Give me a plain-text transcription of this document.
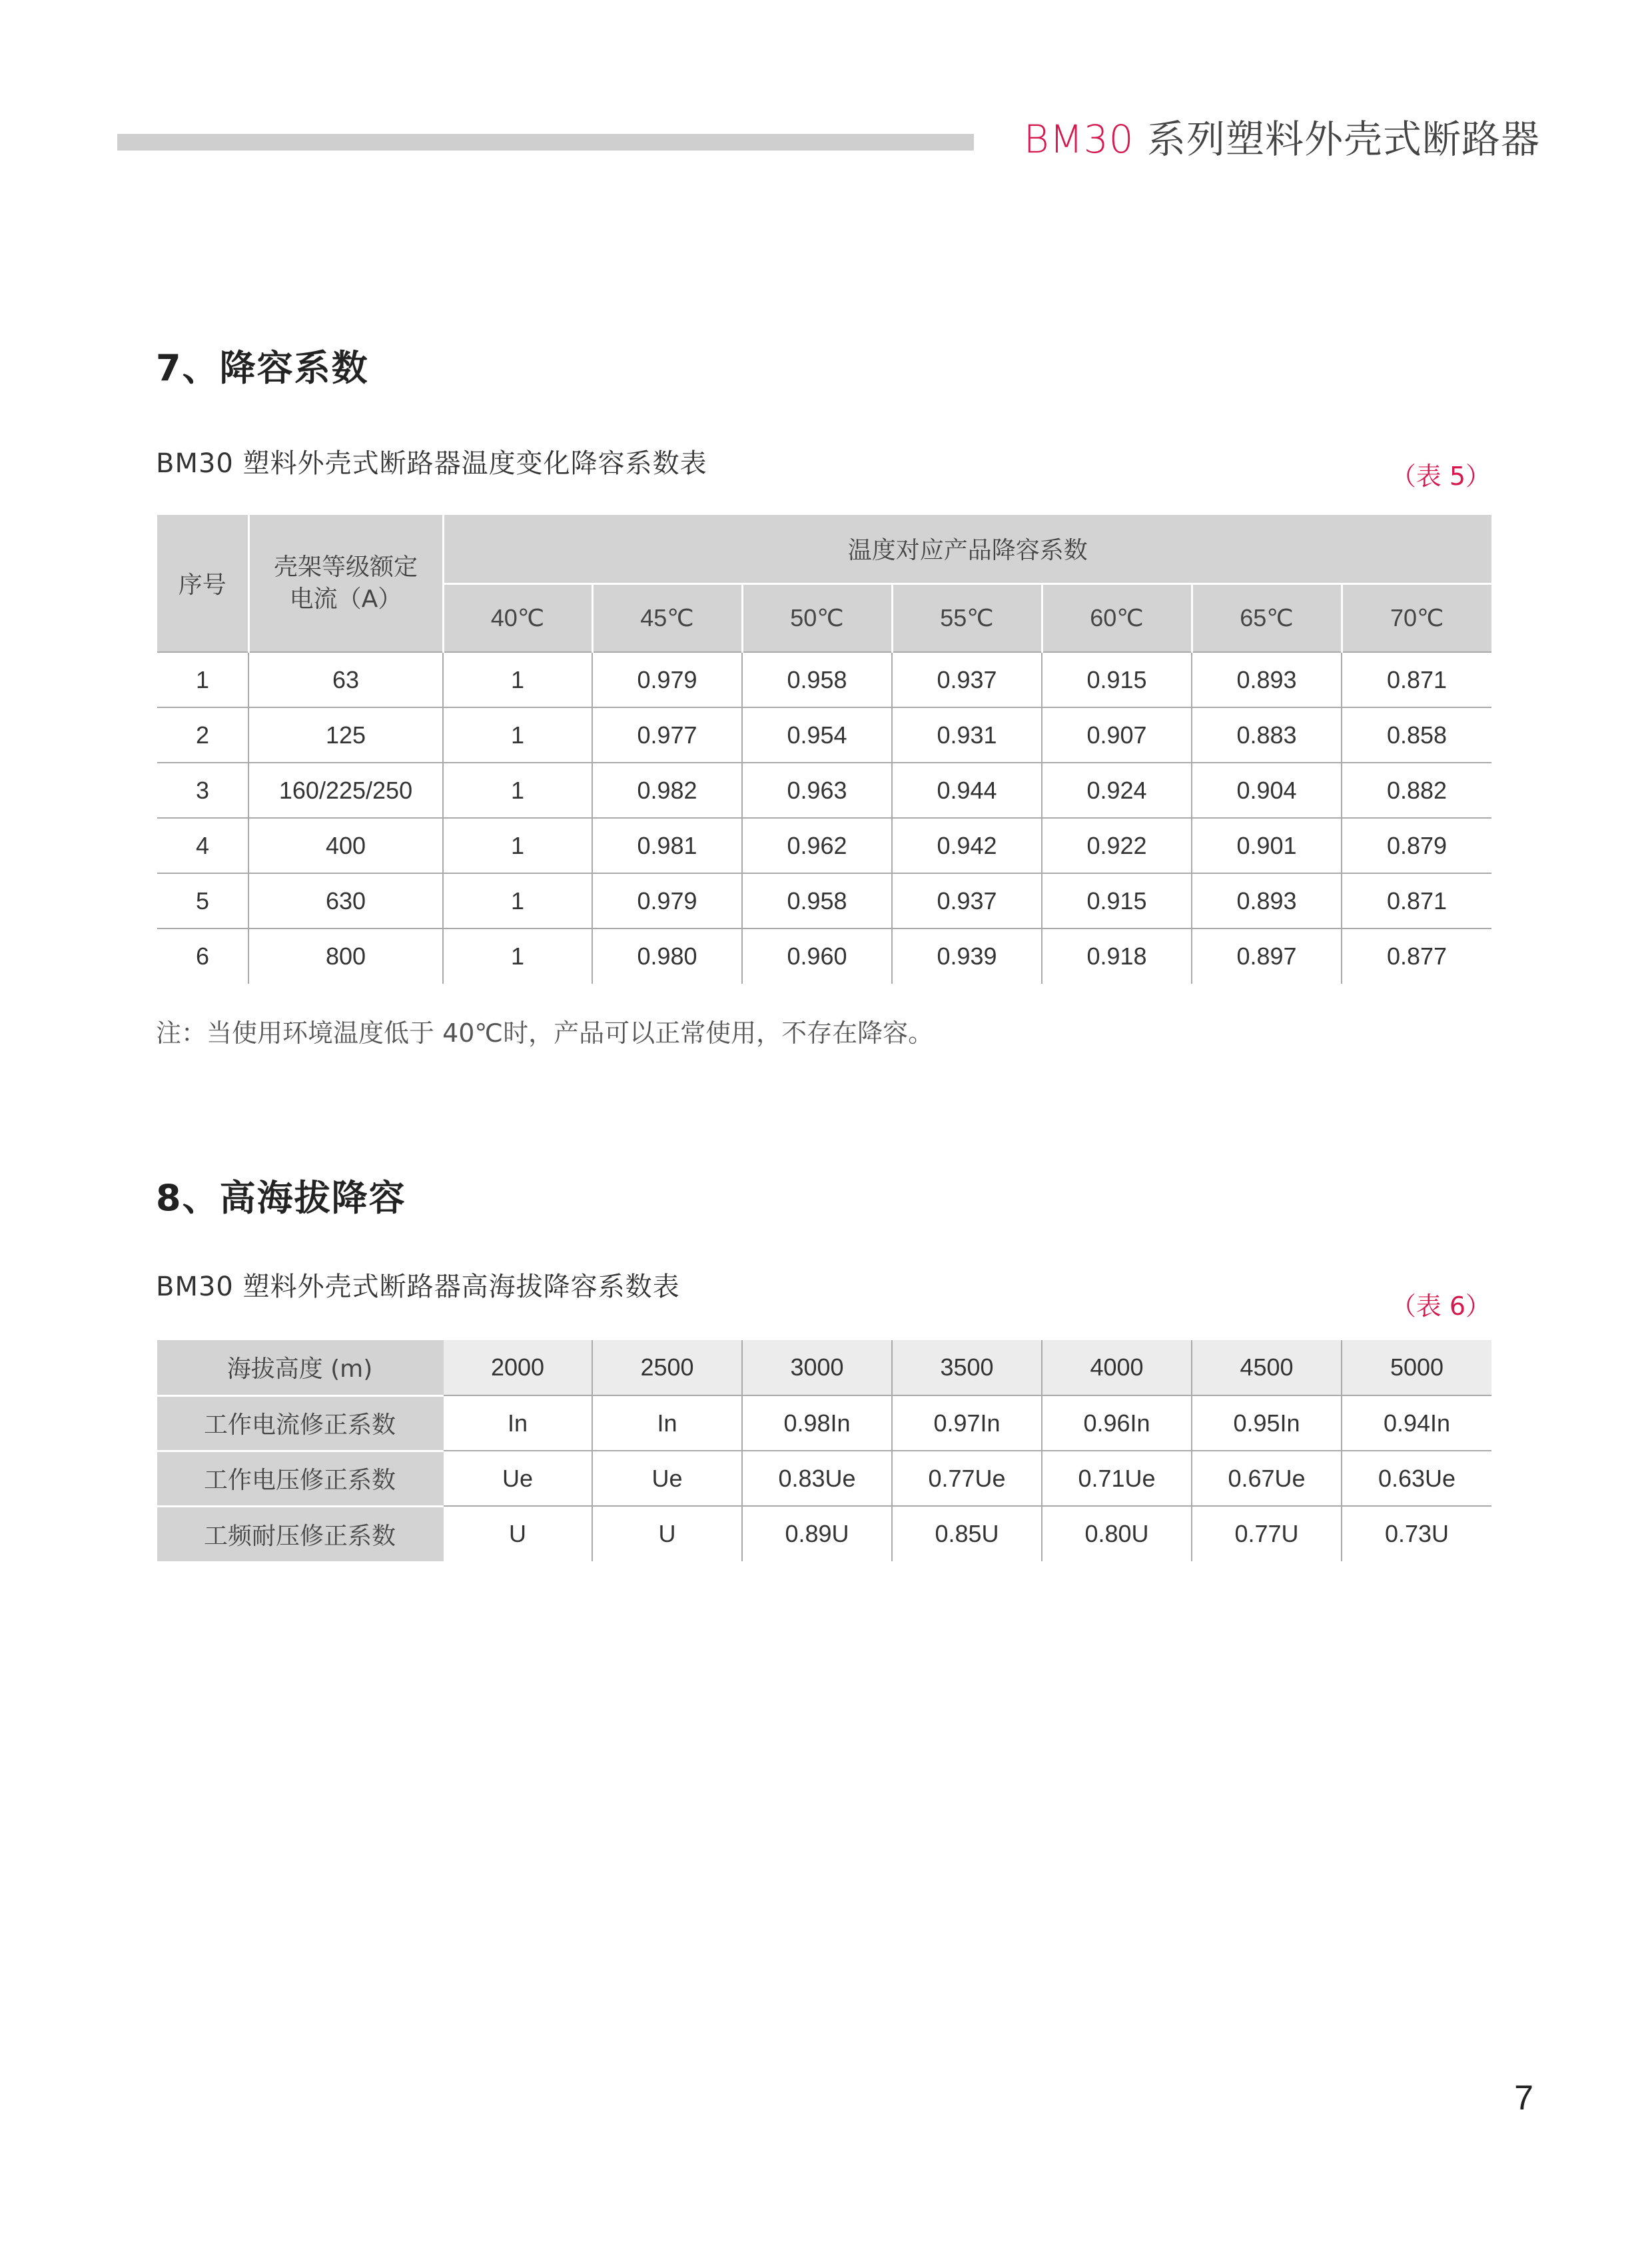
BM30 系列塑料外壳式断路器
7、降容系数
BM30 塑料外壳式断路器温度变化降容系数表	（表 5）
序号	壳架等级额定电流（A）	温度对应产品降容系数						
		40℃	45℃	50℃	55℃	60℃	65℃	70℃
1	63	1	0.979	0.958	0.937	0.915	0.893	0.871
2	125	1	0.977	0.954	0.931	0.907	0.883	0.858
3	160/225/250	1	0.982	0.963	0.944	0.924	0.904	0.882
4	400	1	0.981	0.962	0.942	0.922	0.901	0.879
5	630	1	0.979	0.958	0.937	0.915	0.893	0.871
6	800	1	0.980	0.960	0.939	0.918	0.897	0.877
注：当使用环境温度低于 40℃时，产品可以正常使用，不存在降容。
8、高海拔降容
BM30 塑料外壳式断路器高海拔降容系数表
（表 6）
海拔高度 (m)	2000	2500	3000	3500	4000	4500	5000
工作电流修正系数	In	In	0.98In	0.97In	0.96In	0.95In	0.94In
工作电压修正系数	Ue	Ue	0.83Ue	0.77Ue	0.71Ue	0.67Ue	0.63Ue
工频耐压修正系数	U	U	0.89U	0.85U	0.80U	0.77U	0.73U
7
